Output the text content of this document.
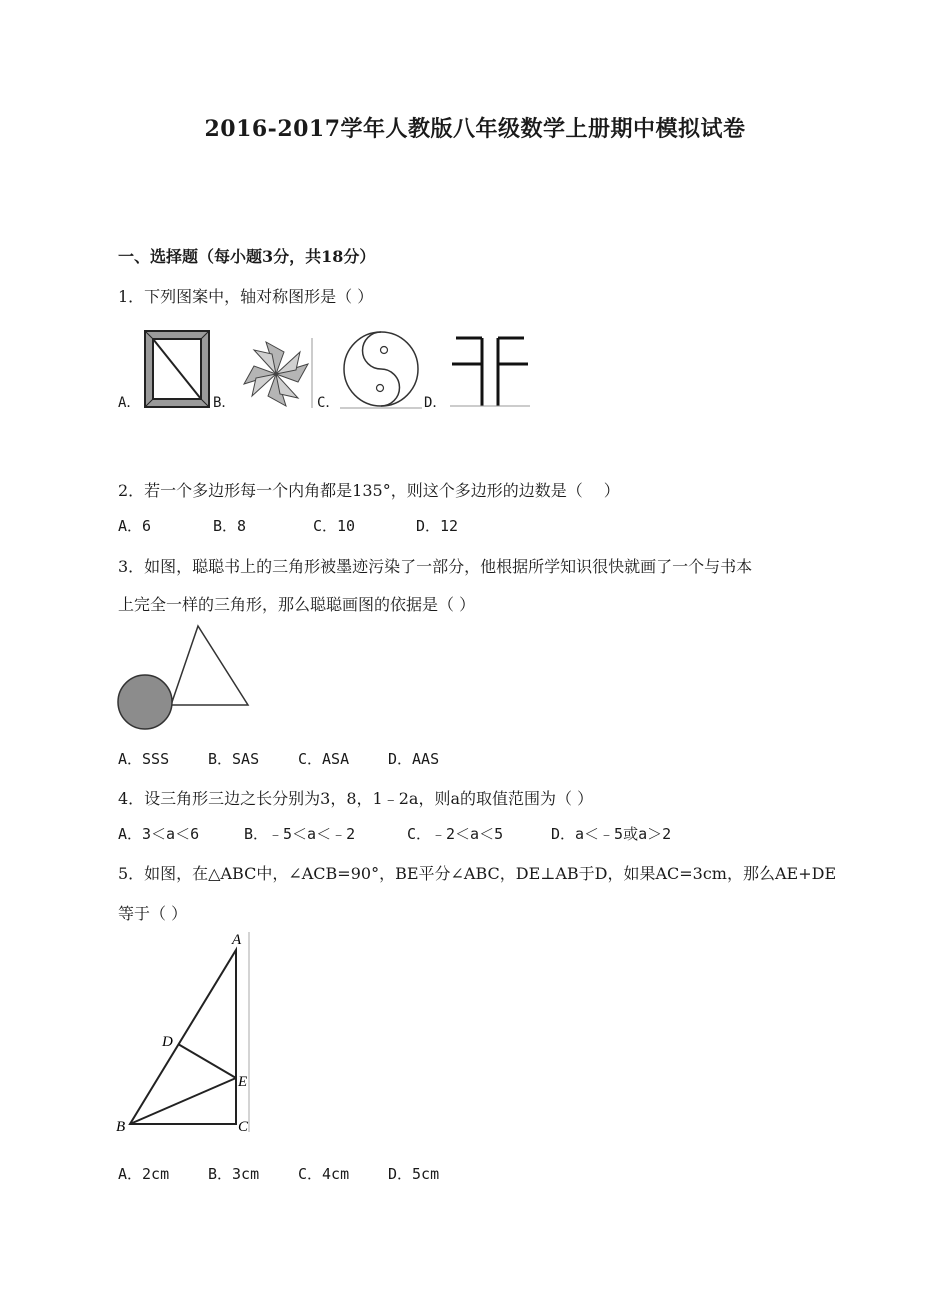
2016-2017学年人教版八年级数学上册期中模拟试卷
一、选择题（每小题3分，共18分）
1．下列图案中，轴对称图形是（ ）
A．	B．	C．	D．
2．若一个多边形每一个内角都是135°，则这个多边形的边数是（　 ）
A．6	B．8	C．10	D．12
3．如图，聪聪书上的三角形被墨迹污染了一部分，他根据所学知识很快就画了一个与书本
上完全一样的三角形，那么聪聪画图的依据是（ ）
A．SSS	B．SAS	C．ASA	D．AAS
4．设三角形三边之长分别为3，8，1﹣2a，则a的取值范围为（ ）
A．3＜a＜6	B．﹣5＜a＜﹣2	C．﹣2＜a＜5	D．a＜﹣5或a＞2
5．如图，在△ABC中，∠ACB=90°，BE平分∠ABC，DE⊥AB于D，如果AC=3cm，那么AE+DE
等于（ ）
A
D
E
B	C
A．2cm	B．3cm	C．4cm	D．5cm
